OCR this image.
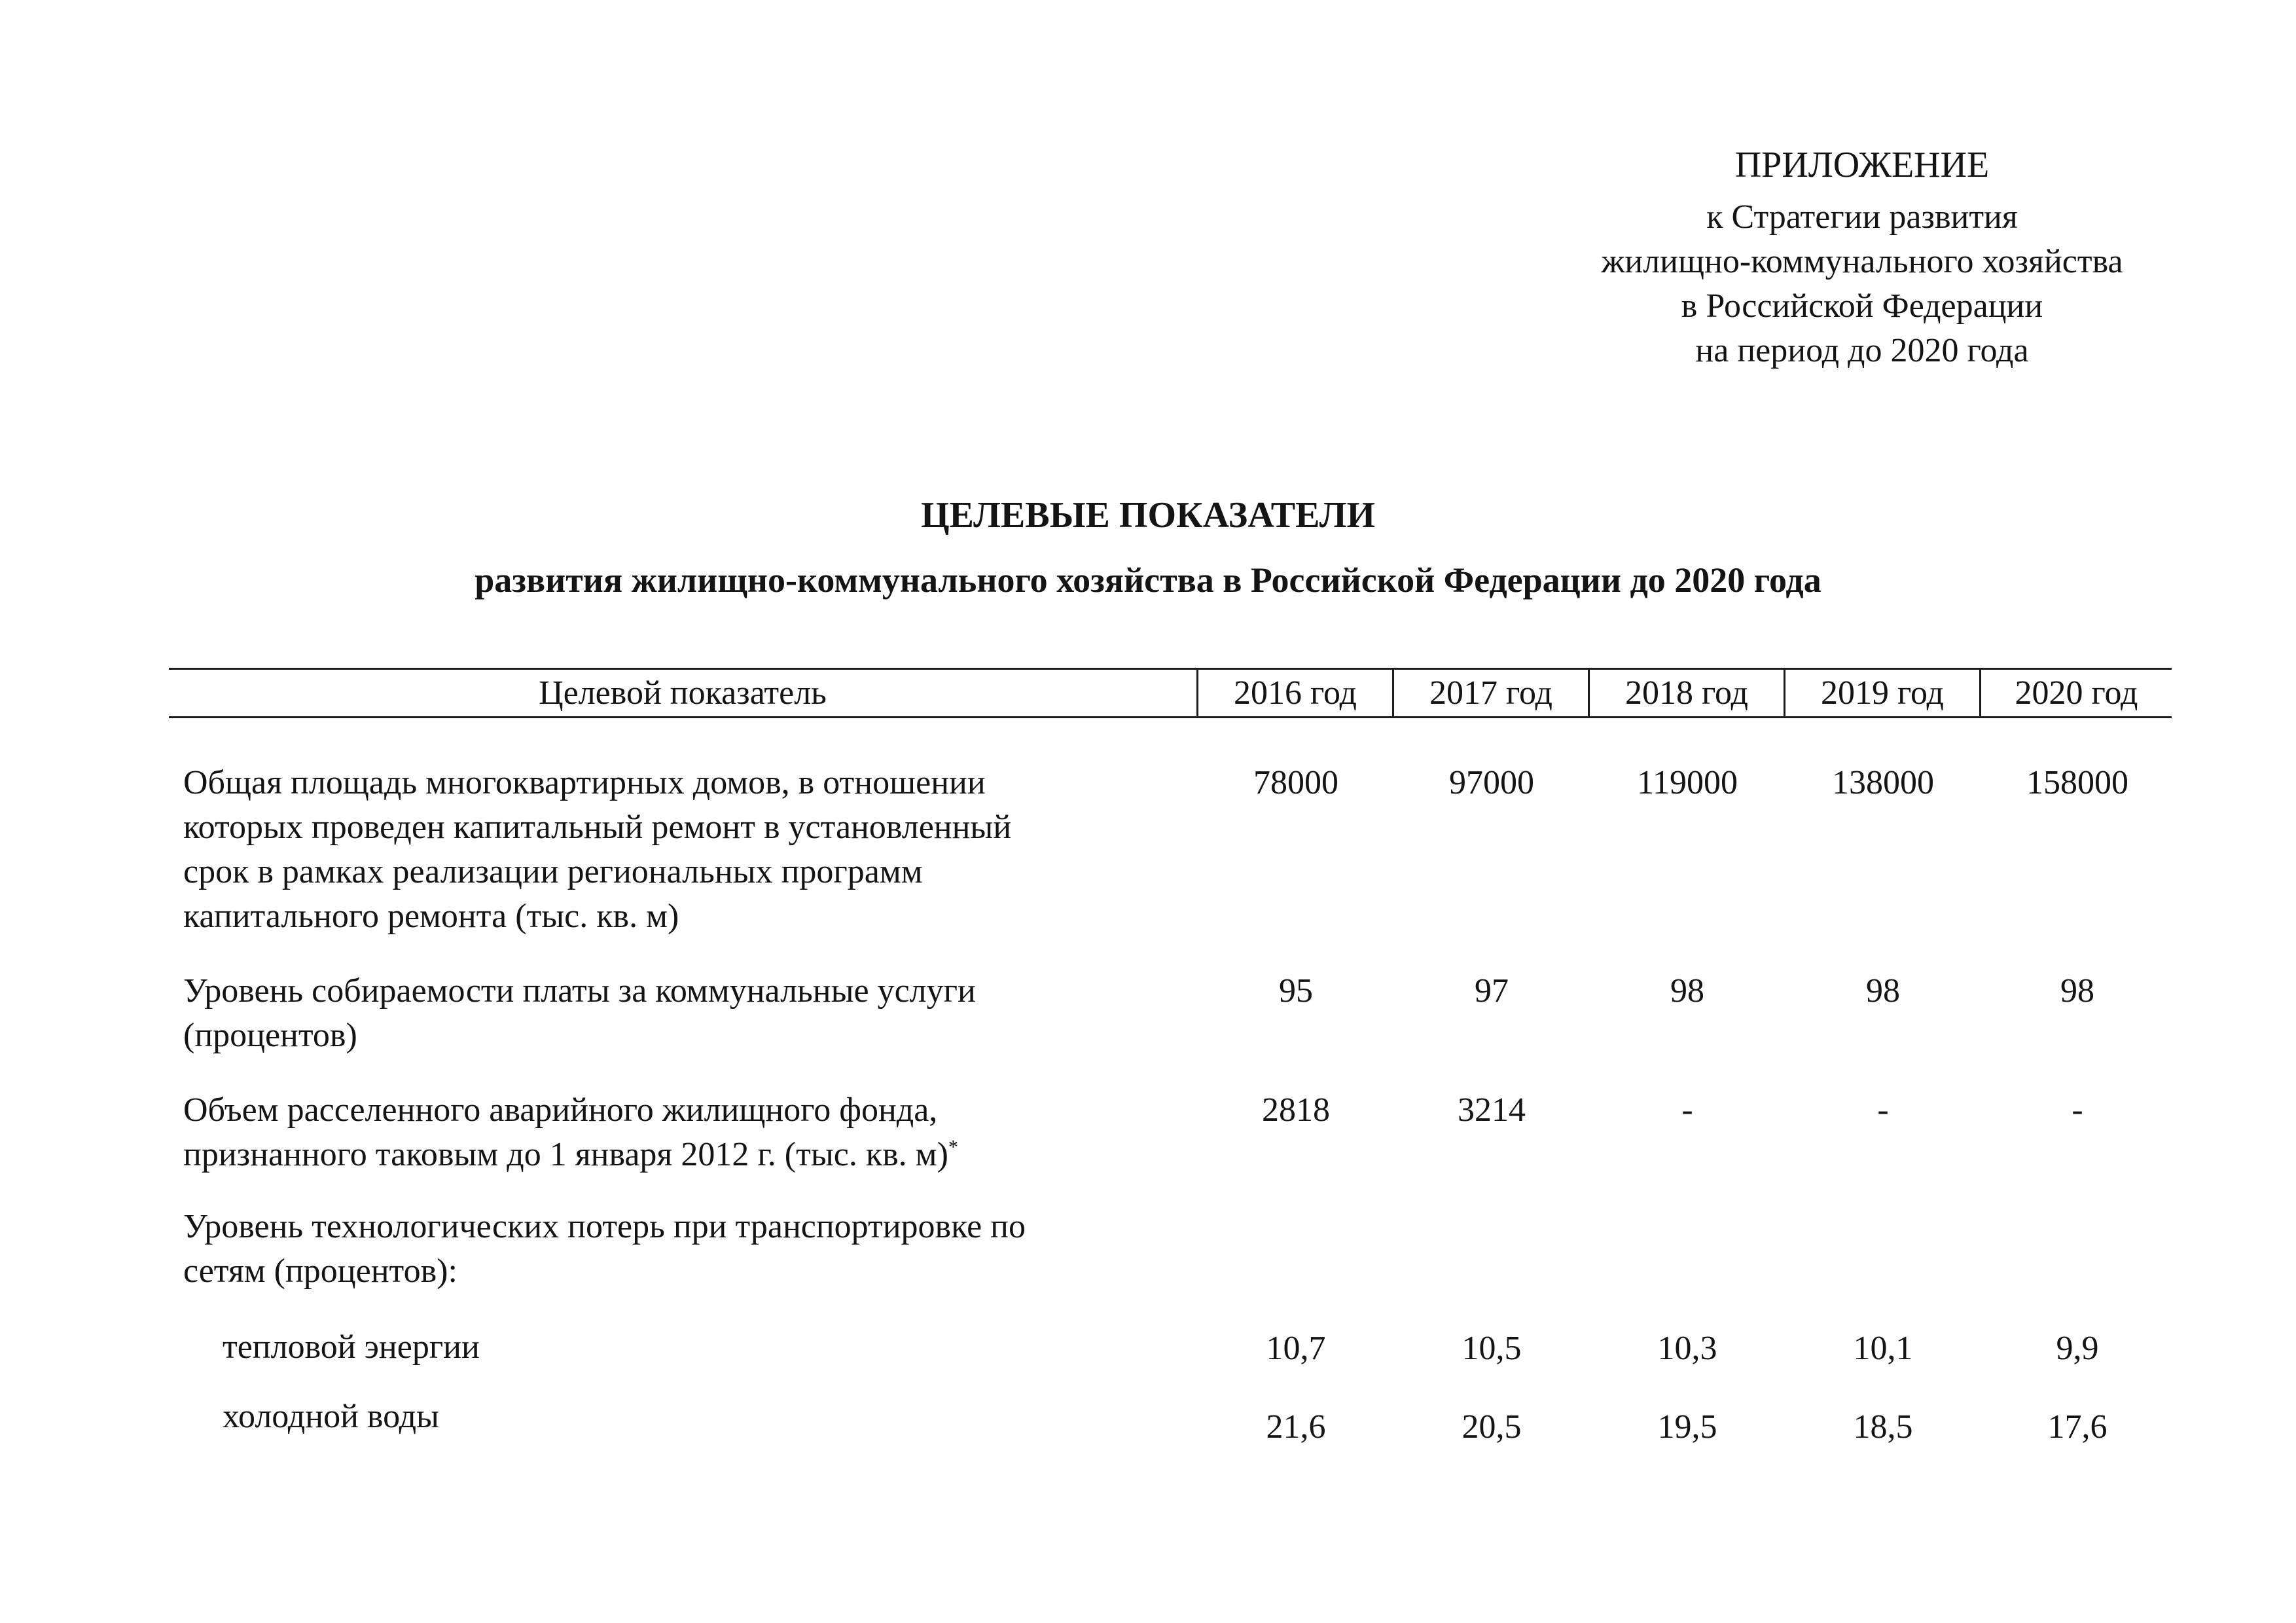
ПРИЛОЖЕНИЕ
к Стратегии развития
жилищно-коммунального хозяйства
в Российской Федерации
на период до 2020 года
ЦЕЛЕВЫЕ ПОКАЗАТЕЛИ
развития жилищно-коммунального хозяйства в Российской Федерации до 2020 года
Целевой показатель	2016 год	2017 год	2018 год	2019 год	2020 год
Общая площадь многоквартирных домов, в отношении
которых проведен капитальный ремонт в установленный
срок в рамках реализации региональных программ
капитального ремонта (тыс. кв. м)
78000	97000	119000	138000	158000
Уровень собираемости платы за коммунальные услуги
(процентов)
95	97	98	98	98
Объем расселенного аварийного жилищного фонда,
признанного таковым до 1 января 2012 г. (тыс. кв. м)*
2818	3214	-	-	-
Уровень технологических потерь при транспортировке по
сетям (процентов):
тепловой энергии	10,7	10,5	10,3	10,1	9,9
холодной воды	21,6	20,5	19,5	18,5	17,6
